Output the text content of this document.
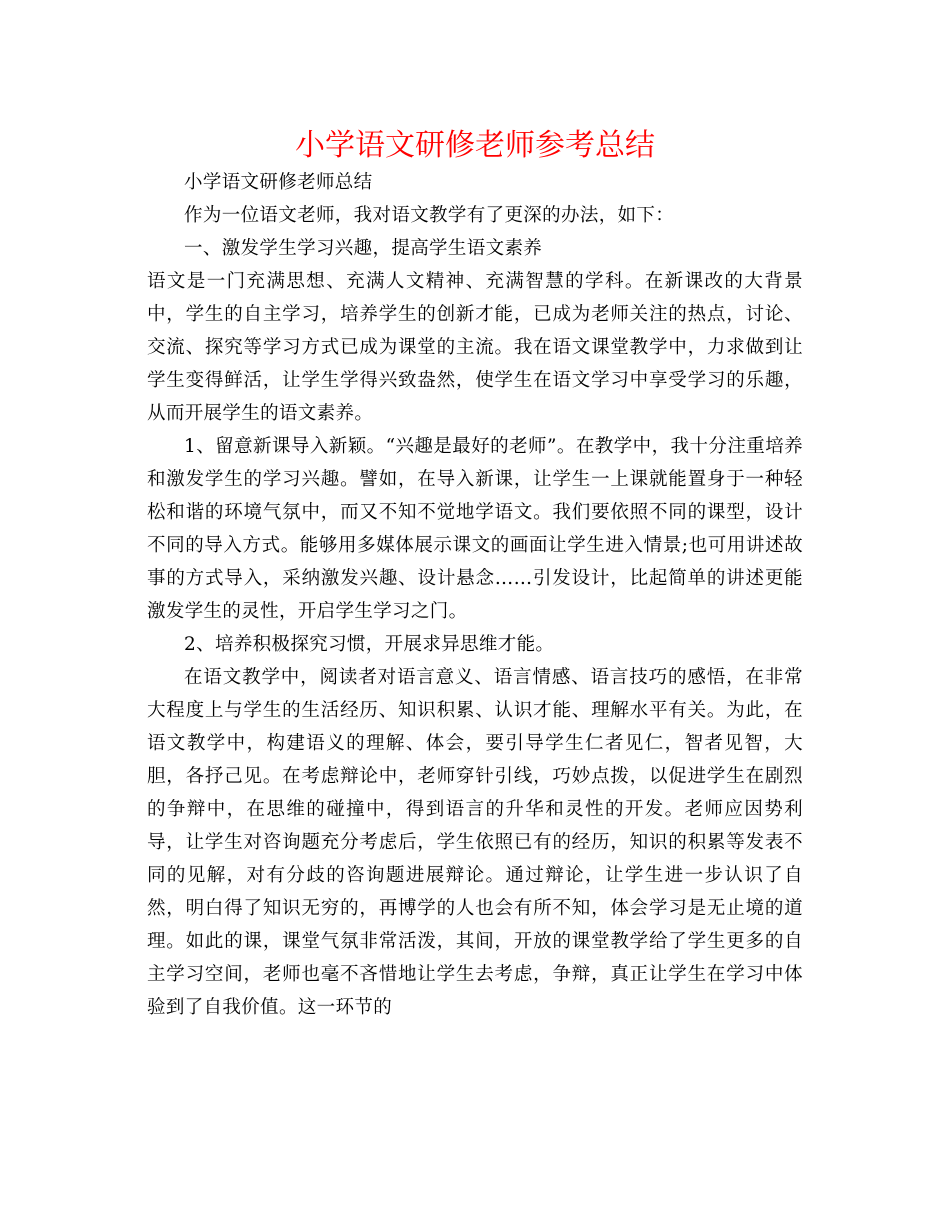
小学语文研修老师参考总结

小学语文研修老师总结

作为一位语文老师，我对语文教学有了更深的办法，如下：

一、激发学生学习兴趣，提高学生语文素养

语文是一门充满思想、充满人文精神、充满智慧的学科。在新课改的大背景中，学生的自主学习，培养学生的创新才能，已成为老师关注的热点，讨论、交流、探究等学习方式已成为课堂的主流。我在语文课堂教学中，力求做到让学生变得鲜活，让学生学得兴致盎然，使学生在语文学习中享受学习的乐趣，从而开展学生的语文素养。

1、留意新课导入新颖。“兴趣是最好的老师”。在教学中，我十分注重培养和激发学生的学习兴趣。譬如，在导入新课，让学生一上课就能置身于一种轻松和谐的环境气氛中，而又不知不觉地学语文。我们要依照不同的课型，设计不同的导入方式。能够用多媒体展示课文的画面让学生进入情景;也可用讲述故事的方式导入，采纳激发兴趣、设计悬念……引发设计，比起简单的讲述更能激发学生的灵性，开启学生学习之门。

2、培养积极探究习惯，开展求异思维才能。

在语文教学中，阅读者对语言意义、语言情感、语言技巧的感悟，在非常大程度上与学生的生活经历、知识积累、认识才能、理解水平有关。为此，在语文教学中，构建语义的理解、体会，要引导学生仁者见仁，智者见智，大胆，各抒己见。在考虑辩论中，老师穿针引线，巧妙点拨，以促进学生在剧烈的争辩中，在思维的碰撞中，得到语言的升华和灵性的开发。老师应因势利导，让学生对咨询题充分考虑后，学生依照已有的经历，知识的积累等发表不同的见解，对有分歧的咨询题进展辩论。通过辩论，让学生进一步认识了自然，明白得了知识无穷的，再博学的人也会有所不知，体会学习是无止境的道理。如此的课，课堂气氛非常活泼，其间，开放的课堂教学给了学生更多的自主学习空间，老师也毫不吝惜地让学生去考虑，争辩，真正让学生在学习中体验到了自我价值。这一环节的
